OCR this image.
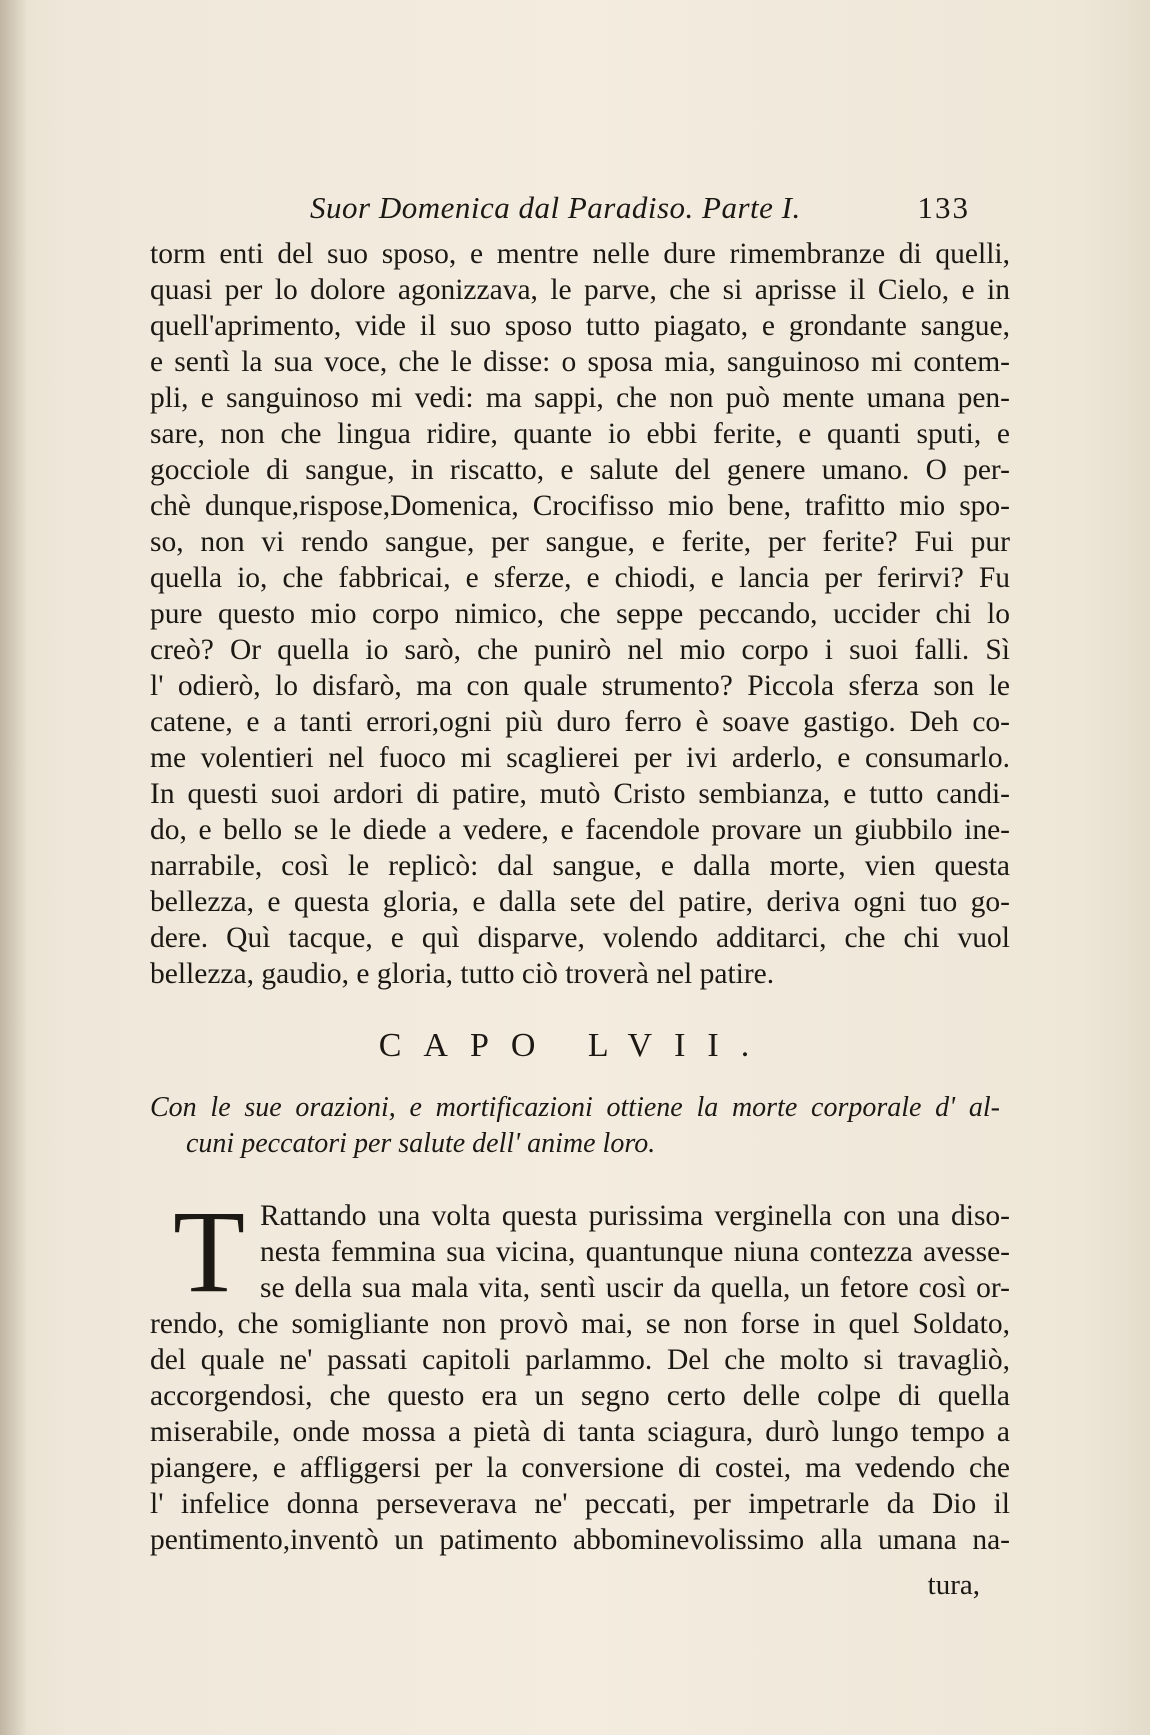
Suor Domenica dal Paradiso. Parte I.	133
torm enti del suo sposo, e mentre nelle dure rimembranze di quelli,
quasi per lo dolore agonizzava, le parve, che si aprisse il Cielo, e in
quell'aprimento, vide il suo sposo tutto piagato, e grondante sangue,
e sentì la sua voce, che le disse: o sposa mia, sanguinoso mi contem-
pli, e sanguinoso mi vedi: ma sappi, che non può mente umana pen-
sare, non che lingua ridire, quante io ebbi ferite, e quanti sputi, e
gocciole di sangue, in riscatto, e salute del genere umano. O per-
chè dunque,rispose,Domenica, Crocifisso mio bene, trafitto mio spo-
so, non vi rendo sangue, per sangue, e ferite, per ferite? Fui pur
quella io, che fabbricai, e sferze, e chiodi, e lancia per ferirvi? Fu
pure questo mio corpo nimico, che seppe peccando, uccider chi lo
creò? Or quella io sarò, che punirò nel mio corpo i suoi falli. Sì
l' odierò, lo disfarò, ma con quale strumento? Piccola sferza son le
catene, e a tanti errori,ogni più duro ferro è soave gastigo. Deh co-
me volentieri nel fuoco mi scaglierei per ivi arderlo, e consumarlo.
In questi suoi ardori di patire, mutò Cristo sembianza, e tutto candi-
do, e bello se le diede a vedere, e facendole provare un giubbilo ine-
narrabile, così le replicò: dal sangue, e dalla morte, vien questa
bellezza, e questa gloria, e dalla sete del patire, deriva ogni tuo go-
dere. Quì tacque, e quì disparve, volendo additarci, che chi vuol
bellezza, gaudio, e gloria, tutto ciò troverà nel patire.
CAPO LVII.
Con le sue orazioni, e mortificazioni ottiene la morte corporale d' al-
cuni peccatori per salute dell' anime loro.
T Rattando una volta questa purissima verginella con una diso-
nesta femmina sua vicina, quantunque niuna contezza avesse-
se della sua mala vita, sentì uscir da quella, un fetore così or-
rendo, che somigliante non provò mai, se non forse in quel Soldato,
del quale ne' passati capitoli parlammo. Del che molto si travagliò,
accorgendosi, che questo era un segno certo delle colpe di quella
miserabile, onde mossa a pietà di tanta sciagura, durò lungo tempo a
piangere, e affliggersi per la conversione di costei, ma vedendo che
l' infelice donna perseverava ne' peccati, per impetrarle da Dio il
pentimento,inventò un patimento abbominevolissimo alla umana na-
tura,
